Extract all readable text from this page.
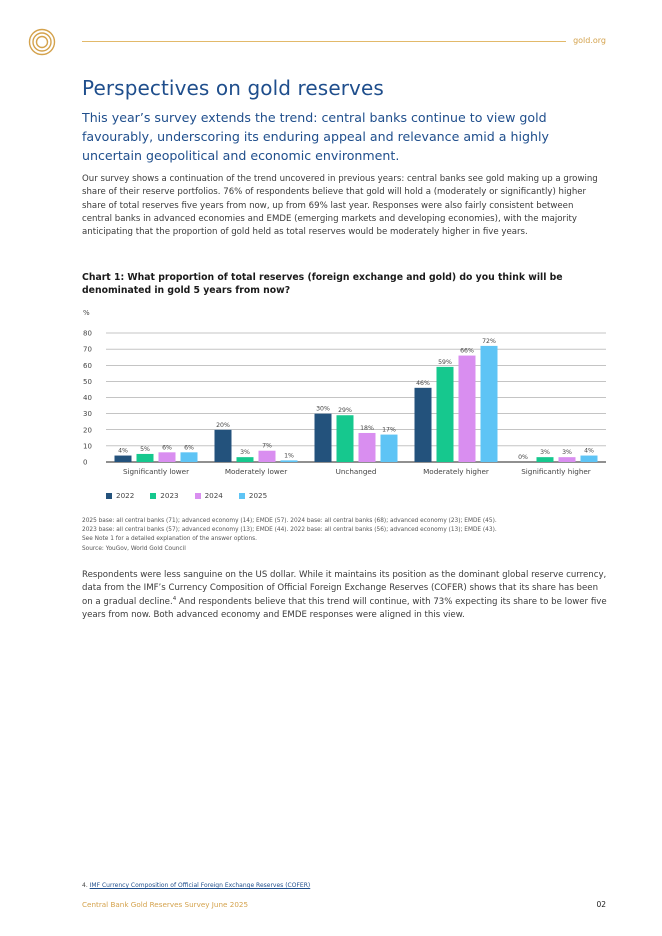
gold.org
Perspectives on gold reserves

This year’s survey extends the trend: central banks continue to view gold favourably, underscoring its enduring appeal and relevance amid a highly uncertain geopolitical and economic environment.

Our survey shows a continuation of the trend uncovered in previous years: central banks see gold making up a growing share of their reserve portfolios. 76% of respondents believe that gold will hold a (moderately or significantly) higher share of total reserves five years from now, up from 69% last year. Responses were also fairly consistent between central banks in advanced economies and EMDE (emerging markets and developing economies), with the majority anticipating that the proportion of gold held as total reserves would be moderately higher in five years.

Chart 1: What proportion of total reserves (foreign exchange and gold) do you think will be denominated in gold 5 years from now?

%
0
10
20
30
40
50
60
70
80
4% 5% 6% 6%
Significantly lower
20%
3%
7%
1%
Moderately lower
30% 29%
18% 17%
Unchanged
46%
59%
66%
72%
Moderately higher
0%
3% 3% 4%
Significantly higher
2022	2023	2024	2025
2025 base: all central banks (71); advanced economy (14); EMDE (57). 2024 base: all central banks (68); advanced economy (23); EMDE (45).
2023 base: all central banks (57); advanced economy (13); EMDE (44). 2022 base: all central banks (56); advanced economy (13); EMDE (43).
See Note 1 for a detailed explanation of the answer options.
Source: YouGov, World Gold Council

Respondents were less sanguine on the US dollar. While it maintains its position as the dominant global reserve currency, data from the IMF’s Currency Composition of Official Foreign Exchange Reserves (COFER) shows that its share has been on a gradual decline.$^4$ And respondents believe that this trend will continue, with 73% expecting its share to be lower five years from now. Both advanced economy and EMDE responses were aligned in this view.

4. IMF Currency Composition of Official Foreign Exchange Reserves (COFER)
Central Bank Gold Reserves Survey June 2025	02
